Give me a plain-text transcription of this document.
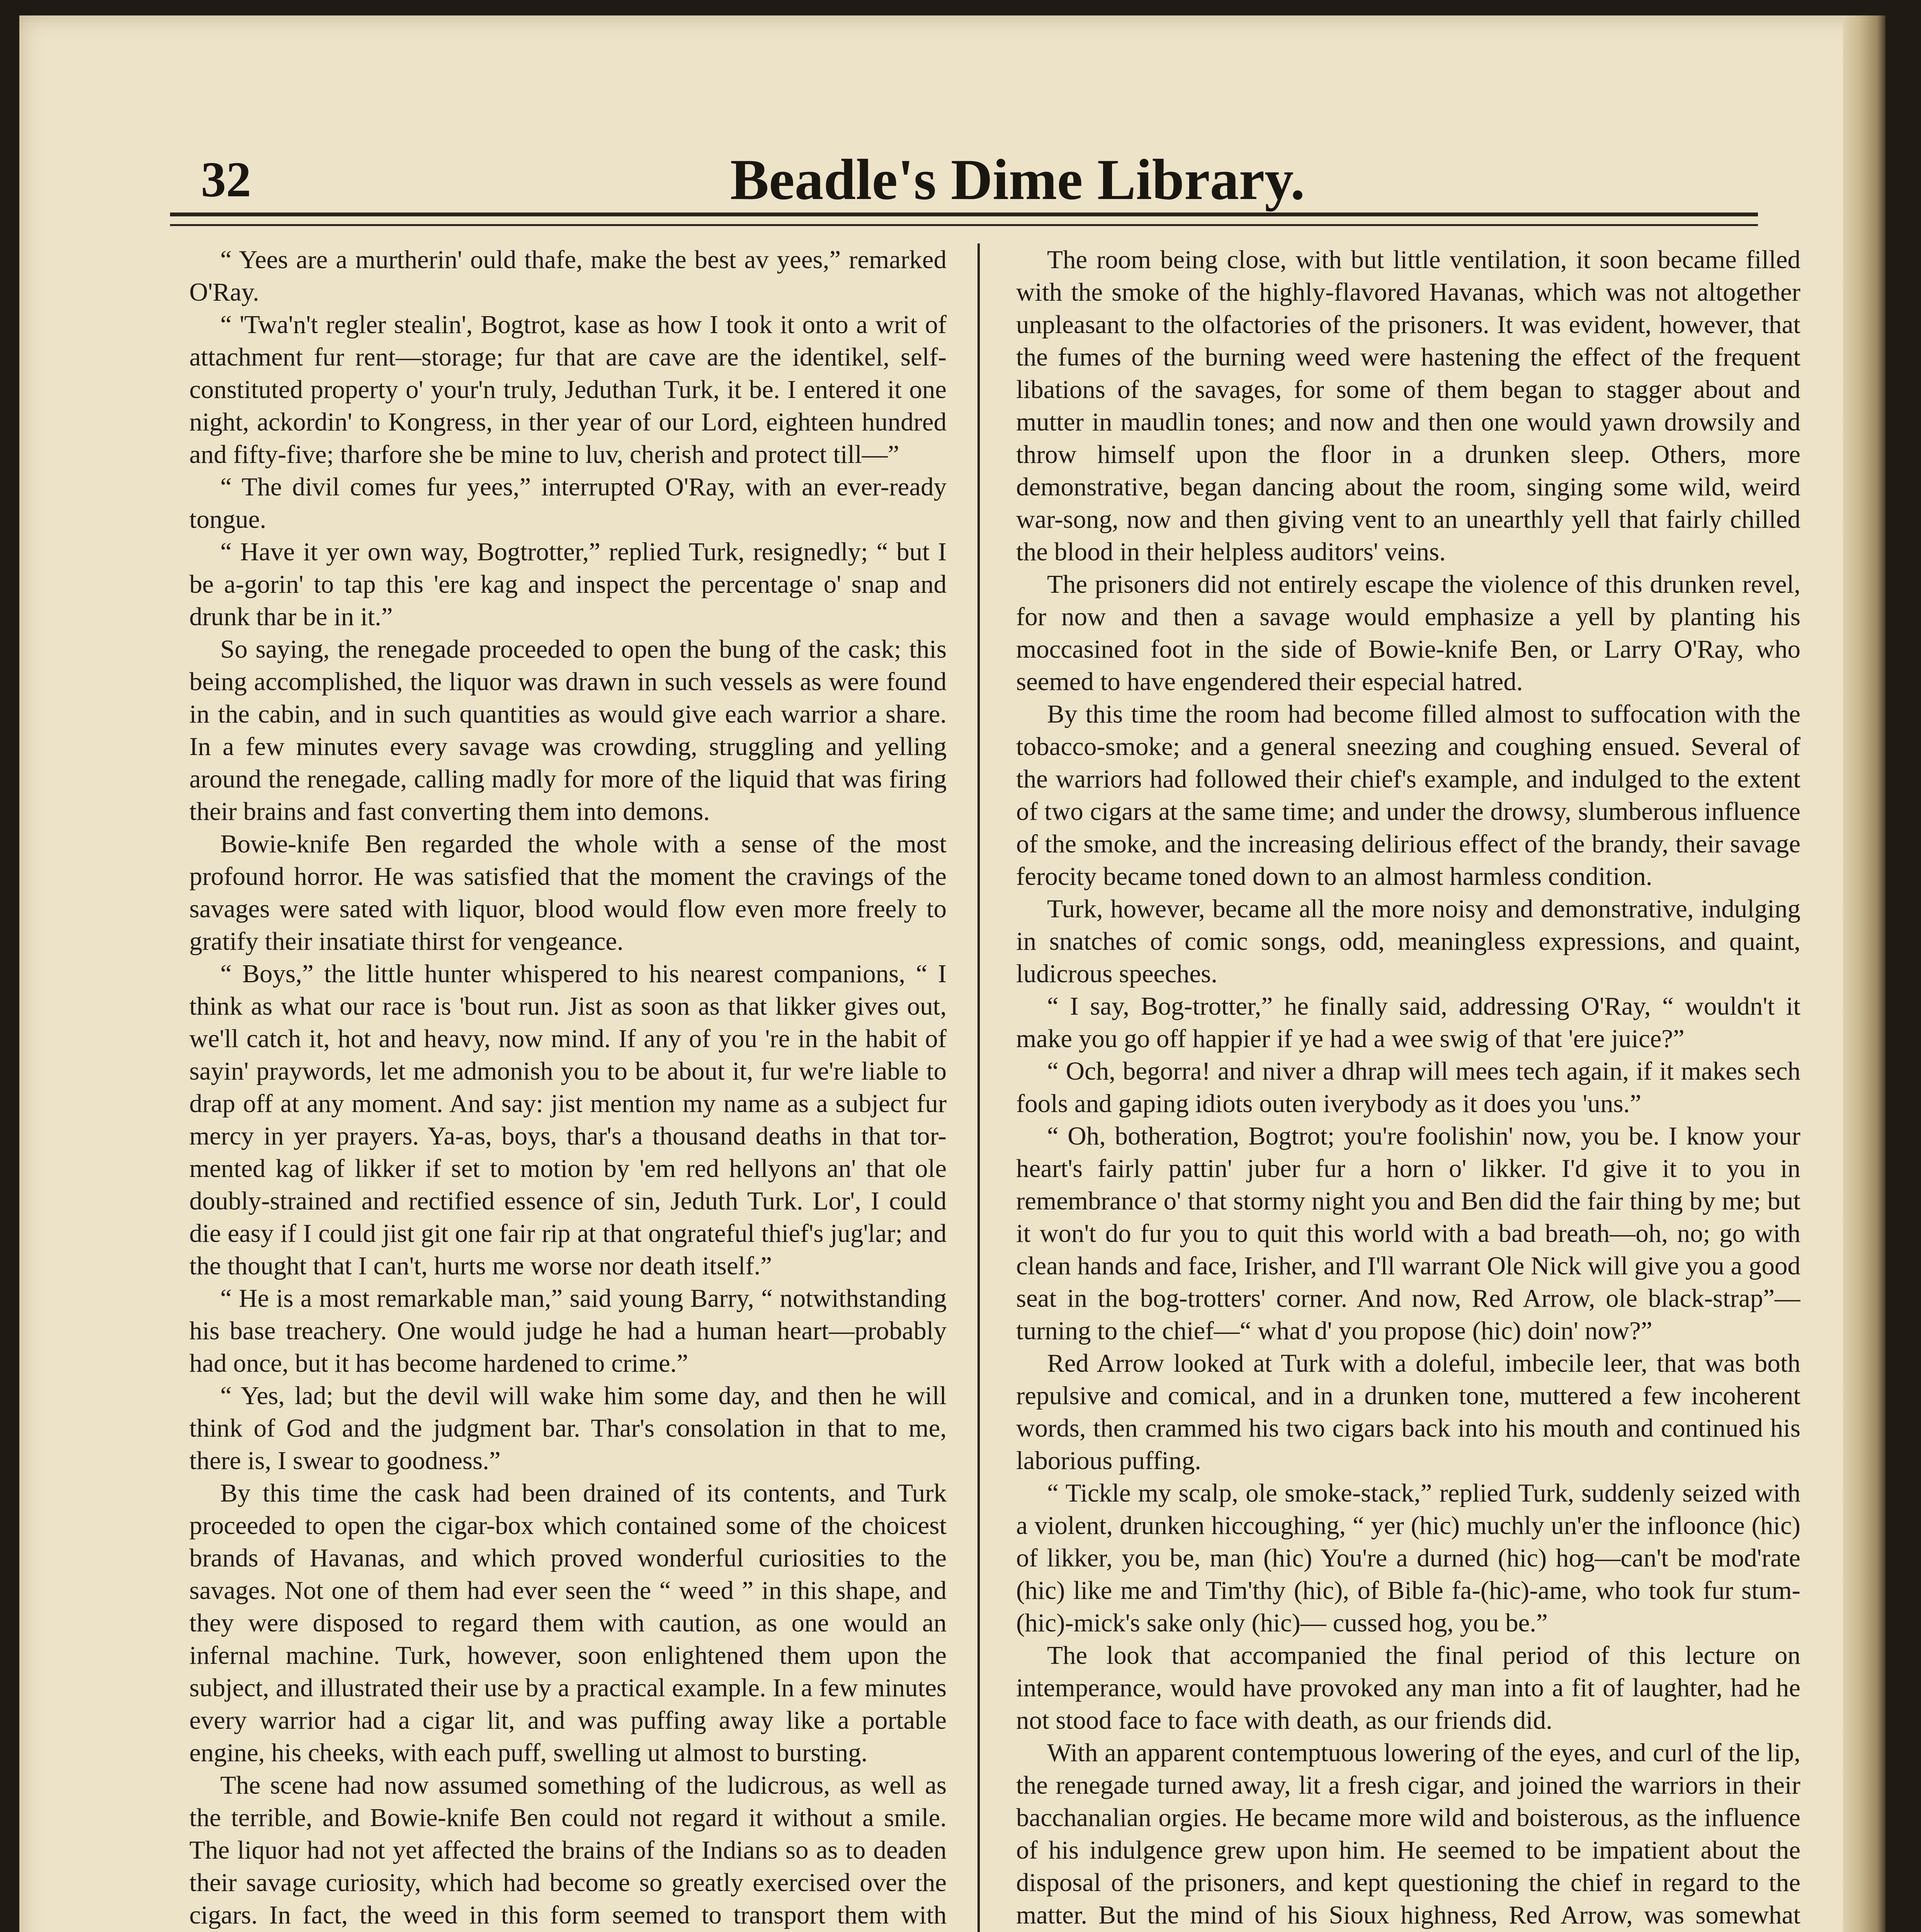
32	Beadle's Dime Library.

“ Yees are a murtherin' ould thafe, make the best av yees,” remarked O'Ray.

“ 'Twa'n't regler stealin', Bogtrot, kase as how I took it onto a writ of attachment fur rent—storage; fur that are cave are the identikel, self-constituted property o' your'n truly, Jeduthan Turk, it be. I entered it one night, ackordin' to Kongress, in ther year of our Lord, eighteen hundred and fifty-five; tharfore she be mine to luv, cherish and protect till—”

“ The divil comes fur yees,” interrupted O'Ray, with an ever-ready tongue.

“ Have it yer own way, Bogtrotter,” replied Turk, resignedly; “ but I be a-gorin' to tap this 'ere kag and inspect the percentage o' snap and drunk thar be in it.”

So saying, the renegade proceeded to open the bung of the cask; this being accomplished, the liquor was drawn in such vessels as were found in the cabin, and in such quantities as would give each warrior a share. In a few minutes every savage was crowding, struggling and yelling around the renegade, calling madly for more of the liquid that was firing their brains and fast converting them into demons.

Bowie-knife Ben regarded the whole with a sense of the most profound horror. He was satisfied that the moment the cravings of the savages were sated with liquor, blood would flow even more freely to gratify their insatiate thirst for vengeance.

“ Boys,” the little hunter whispered to his nearest companions, “ I think as what our race is 'bout run. Jist as soon as that likker gives out, we'll catch it, hot and heavy, now mind. If any of you 're in the habit of sayin' praywords, let me admonish you to be about it, fur we're liable to drap off at any moment. And say: jist mention my name as a subject fur mercy in yer prayers. Ya-as, boys, thar's a thousand deaths in that tor-mented kag of likker if set to motion by 'em red hellyons an' that ole doubly-strained and rectified essence of sin, Jeduth Turk. Lor', I could die easy if I could jist git one fair rip at that ongrateful thief's jug'lar; and the thought that I can't, hurts me worse nor death itself.”

“ He is a most remarkable man,” said young Barry, “ notwithstanding his base treachery. One would judge he had a human heart—probably had once, but it has become hardened to crime.”

“ Yes, lad; but the devil will wake him some day, and then he will think of God and the judgment bar. Thar's consolation in that to me, there is, I swear to goodness.”

By this time the cask had been drained of its contents, and Turk proceeded to open the cigar-box which contained some of the choicest brands of Havanas, and which proved wonderful curiosities to the savages. Not one of them had ever seen the “ weed ” in this shape, and they were disposed to regard them with caution, as one would an infernal machine. Turk, however, soon enlightened them upon the subject, and illustrated their use by a practical example. In a few minutes every warrior had a cigar lit, and was puffing away like a portable engine, his cheeks, with each puff, swelling ut almost to bursting.

The scene had now assumed something of the ludicrous, as well as the terrible, and Bowie-knife Ben could not regard it without a smile. The liquor had not yet affected the brains of the Indians so as to deaden their savage curiosity, which had become so greatly exercised over the cigars. In fact, the weed in this form seemed to transport them with

The room being close, with but little ventilation, it soon became filled with the smoke of the highly-flavored Havanas, which was not altogether unpleasant to the olfactories of the prisoners. It was evident, however, that the fumes of the burning weed were hastening the effect of the frequent libations of the savages, for some of them began to stagger about and mutter in maudlin tones; and now and then one would yawn drowsily and throw himself upon the floor in a drunken sleep. Others, more demonstrative, began dancing about the room, singing some wild, weird war-song, now and then giving vent to an unearthly yell that fairly chilled the blood in their helpless auditors' veins.

The prisoners did not entirely escape the violence of this drunken revel, for now and then a savage would emphasize a yell by planting his moccasined foot in the side of Bowie-knife Ben, or Larry O'Ray, who seemed to have engendered their especial hatred.

By this time the room had become filled almost to suffocation with the tobacco-smoke; and a general sneezing and coughing ensued. Several of the warriors had followed their chief's example, and indulged to the extent of two cigars at the same time; and under the drowsy, slumberous influence of the smoke, and the increasing delirious effect of the brandy, their savage ferocity became toned down to an almost harmless condition.

Turk, however, became all the more noisy and demonstrative, indulging in snatches of comic songs, odd, meaningless expressions, and quaint, ludicrous speeches.

“ I say, Bog-trotter,” he finally said, addressing O'Ray, “ wouldn't it make you go off happier if ye had a wee swig of that 'ere juice?”

“ Och, begorra! and niver a dhrap will mees tech again, if it makes sech fools and gaping idiots outen iverybody as it does you 'uns.”

“ Oh, botheration, Bogtrot; you're foolishin' now, you be. I know your heart's fairly pattin' juber fur a horn o' likker. I'd give it to you in remembrance o' that stormy night you and Ben did the fair thing by me; but it won't do fur you to quit this world with a bad breath—oh, no; go with clean hands and face, Irisher, and I'll warrant Ole Nick will give you a good seat in the bog-trotters' corner. And now, Red Arrow, ole black-strap”—turning to the chief—“ what d' you propose (hic) doin' now?”

Red Arrow looked at Turk with a doleful, imbecile leer, that was both repulsive and comical, and in a drunken tone, muttered a few incoherent words, then crammed his two cigars back into his mouth and continued his laborious puffing.

“ Tickle my scalp, ole smoke-stack,” replied Turk, suddenly seized with a violent, drunken hiccoughing, “ yer (hic) muchly un'er the infloonce (hic) of likker, you be, man (hic) You're a durned (hic) hog—can't be mod'rate (hic) like me and Tim'thy (hic), of Bible fa-(hic)-ame, who took fur stum-(hic)-mick's sake only (hic)— cussed hog, you be.”

The look that accompanied the final period of this lecture on intemperance, would have provoked any man into a fit of laughter, had he not stood face to face with death, as our friends did.

With an apparent contemptuous lowering of the eyes, and curl of the lip, the renegade turned away, lit a fresh cigar, and joined the warriors in their bacchanalian orgies. He became more wild and boisterous, as the influence of his indulgence grew upon him. He seemed to be impatient about the disposal of the prisoners, and kept questioning the chief in regard to the matter. But the mind of his Sioux highness, Red Arrow, was somewhat
